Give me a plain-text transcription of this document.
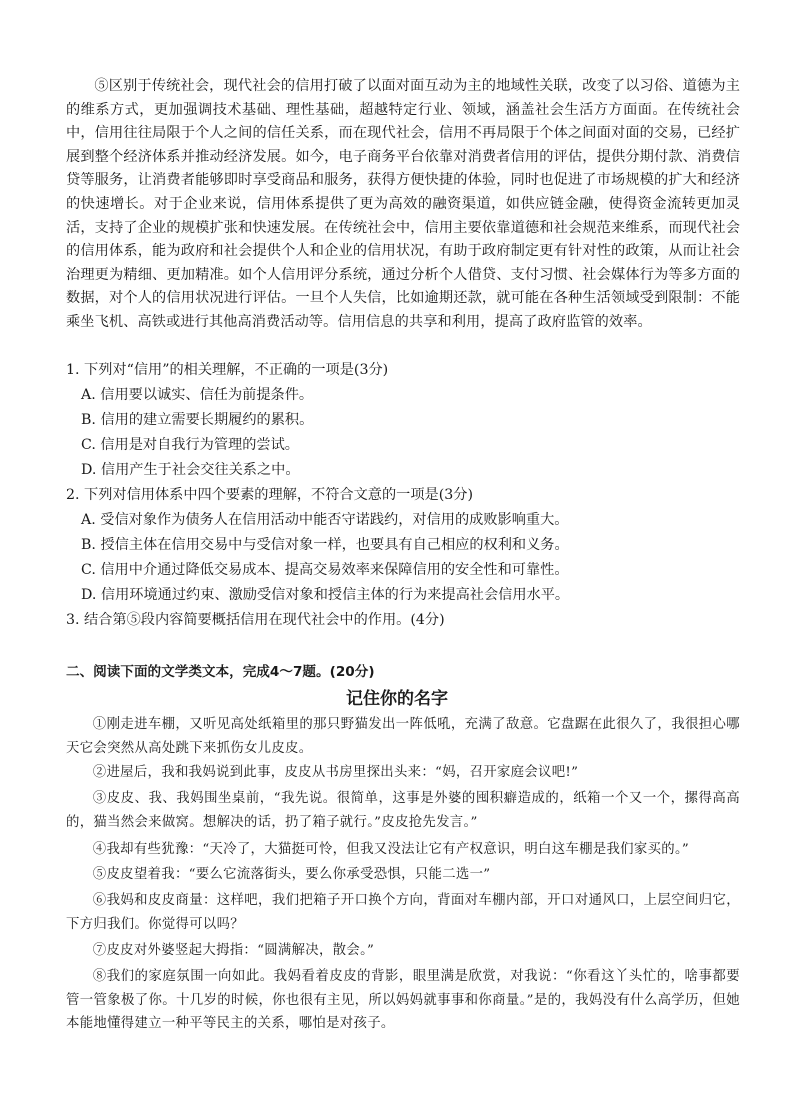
⑤区别于传统社会，现代社会的信用打破了以面对面互动为主的地域性关联，改变了以习俗、道德为主的维系方式，更加强调技术基础、理性基础，超越特定行业、领域，涵盖社会生活方方面面。在传统社会中，信用往往局限于个人之间的信任关系，而在现代社会，信用不再局限于个体之间面对面的交易，已经扩展到整个经济体系并推动经济发展。如今，电子商务平台依靠对消费者信用的评估，提供分期付款、消费信贷等服务，让消费者能够即时享受商品和服务，获得方便快捷的体验，同时也促进了市场规模的扩大和经济的快速增长。对于企业来说，信用体系提供了更为高效的融资渠道，如供应链金融，使得资金流转更加灵活，支持了企业的规模扩张和快速发展。在传统社会中，信用主要依靠道德和社会规范来维系，而现代社会的信用体系，能为政府和社会提供个人和企业的信用状况，有助于政府制定更有针对性的政策，从而让社会治理更为精细、更加精准。如个人信用评分系统，通过分析个人借贷、支付习惯、社会媒体行为等多方面的数据，对个人的信用状况进行评估。一旦个人失信，比如逾期还款，就可能在各种生活领域受到限制：不能乘坐飞机、高铁或进行其他高消费活动等。信用信息的共享和利用，提高了政府监管的效率。

1. 下列对“信用”的相关理解，不正确的一项是(3分)

A. 信用要以诚实、信任为前提条件。

B. 信用的建立需要长期履约的累积。

C. 信用是对自我行为管理的尝试。

D. 信用产生于社会交往关系之中。

2. 下列对信用体系中四个要素的理解，不符合文意的一项是(3分)

A. 受信对象作为债务人在信用活动中能否守诺践约，对信用的成败影响重大。

B. 授信主体在信用交易中与受信对象一样，也要具有自己相应的权利和义务。

C. 信用中介通过降低交易成本、提高交易效率来保障信用的安全性和可靠性。

D. 信用环境通过约束、激励受信对象和授信主体的行为来提高社会信用水平。

3. 结合第⑤段内容简要概括信用在现代社会中的作用。(4分)

二、阅读下面的文学类文本，完成4～7题。(20分)

记住你的名字

①刚走进车棚，又听见高处纸箱里的那只野猫发出一阵低吼，充满了敌意。它盘踞在此很久了，我很担心哪天它会突然从高处跳下来抓伤女儿皮皮。

②进屋后，我和我妈说到此事，皮皮从书房里探出头来：“妈，召开家庭会议吧!”

③皮皮、我、我妈围坐桌前，“我先说。很简单，这事是外婆的囤积癖造成的，纸箱一个又一个，摞得高高的，猫当然会来做窝。想解决的话，扔了箱子就行。”皮皮抢先发言。”

④我却有些犹豫：“天冷了，大猫挺可怜，但我又没法让它有产权意识，明白这车棚是我们家买的。”

⑤皮皮望着我：“要么它流落街头，要么你承受恐惧，只能二选一”

⑥我妈和皮皮商量：这样吧，我们把箱子开口换个方向，背面对车棚内部，开口对通风口，上层空间归它，下方归我们。你觉得可以吗？

⑦皮皮对外婆竖起大拇指：“圆满解决，散会。”

⑧我们的家庭氛围一向如此。我妈看着皮皮的背影，眼里满是欣赏，对我说：“你看这丫头忙的，啥事都要管一管象极了你。十几岁的时候，你也很有主见，所以妈妈就事事和你商量。”是的，我妈没有什么高学历，但她本能地懂得建立一种平等民主的关系，哪怕是对孩子。
